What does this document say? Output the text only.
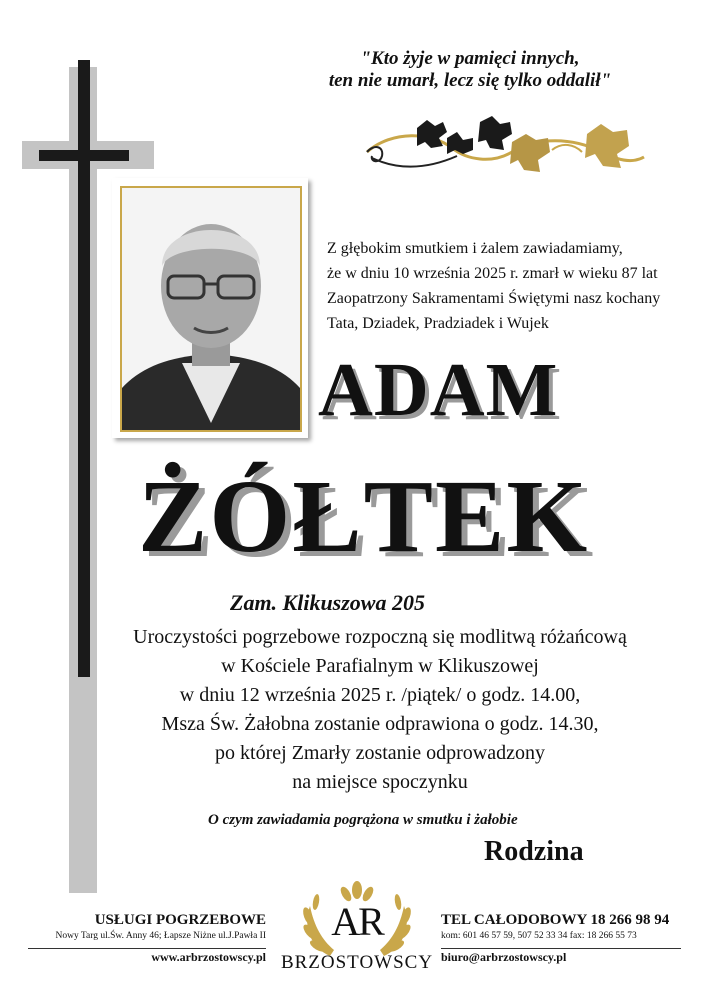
"Kto żyje w pamięci innych,
ten nie umarł, lecz się tylko oddalił"
Z głębokim smutkiem i żalem zawiadamiamy,
że w dniu 10 września 2025 r. zmarł w wieku 87 lat
Zaopatrzony Sakramentami Świętymi nasz kochany
Tata, Dziadek, Pradziadek i Wujek
ADAM
ŻÓŁTEK
Zam. Klikuszowa 205
Uroczystości pogrzebowe rozpoczną się modlitwą różańcową
w Kościele Parafialnym w Klikuszowej
w dniu 12 września 2025 r. /piątek/ o godz. 14.00,
Msza Św. Żałobna zostanie odprawiona o godz. 14.30,
po której Zmarły zostanie odprowadzony
na miejsce spoczynku
O czym zawiadamia pogrążona w smutku i żałobie
Rodzina
USŁUGI POGRZEBOWE
Nowy Targ ul.Św. Anny 46; Łapsze Niżne ul.J.Pawła II
www.arbrzostowscy.pl
AR
BRZOSTOWSCY
TEL CAŁODOBOWY 18 266 98 94
kom: 601 46 57 59, 507 52 33 34 fax: 18 266 55 73
biuro@arbrzostowscy.pl
